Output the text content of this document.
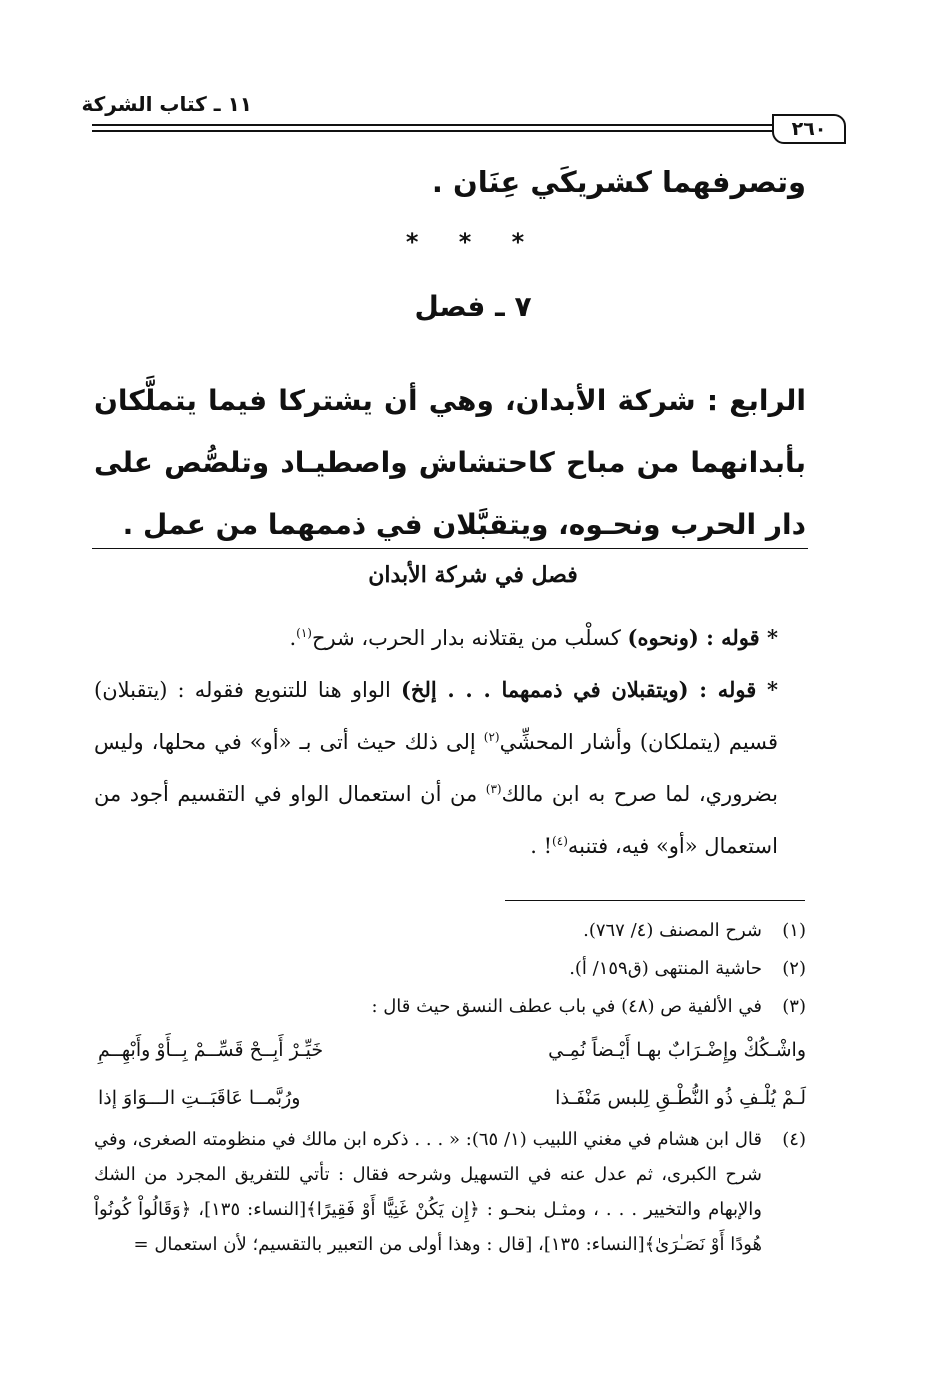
١١ ـ كتاب الشركة
٢٦٠
وتصرفهما كشريكَي عِنَان .
* * *
٧ ـ فصل
الرابع : شركة الأبدان، وهي أن يشتركا فيما يتملَّكان بأبدانهما من مباح كاحتشاش واصطيـاد وتلصُّص على دار الحرب ونحـوه، ويتقبَّلان في ذممهما من عمل .
فصل في شركة الأبدان

* قوله : (ونحوه) كسلْب من يقتلانه بدار الحرب، شرح$^{(١)}$.

* قوله : (ويتقبلان في ذممهما . . . إلخ) الواو هنا للتنويع فقوله : (يتقبلان) قسيم (يتملكان) وأشار المحشِّي$^{(٢)}$ إلى ذلك حيث أتى بـ «أو» في محلها، وليس بضروري، لما صرح به ابن مالك$^{(٣)}$ من أن استعمال الواو في التقسيم أجود من استعمال «أو» فيه، فتنبه$^{(٤)}$! .

(١)
شرح المصنف (٤/ ٧٦٧).
(٢)
حاشية المنتهى (ق١٥٩/ أ).
(٣)
في الألفية ص (٤٨) في باب عطف النسق حيث قال :
واشْـكُكْ وإِضْـرَابٌ بهـا أَيْـضاً نُمِـي
خَيِّـرْ أَبِــحْ قَسِّــمْ بِــأَوْ وأَبْهِــمِ
لَـمْ يُلْـفِ ذُو النُّطْـقِ لِلبس مَنْفَـذا
ورُبَّمــا عَاقَبَــتِ الـــوَاوَ إذا
(٤)
قال ابن هشام في مغني اللبيب (١/ ٦٥): « . . . ذكره ابن مالك في منظومته الصغرى، وفي شرح الكبرى، ثم عدل عنه في التسهيل وشرحه فقال : تأتي للتفريق المجرد من الشك والإبهام والتخيير . . . ، ومثـل بنحـو : ﴿إِن يَكُنْ غَنِيًّا أَوْ فَقِيرًا﴾[النساء: ١٣٥]، ﴿وَقَالُواْ كُونُواْ هُودًا أَوْ نَصَـٰرَىٰ﴾[النساء: ١٣٥]، [قال : وهذا أولى من التعبير بالتقسيم؛ لأن استعمال =
